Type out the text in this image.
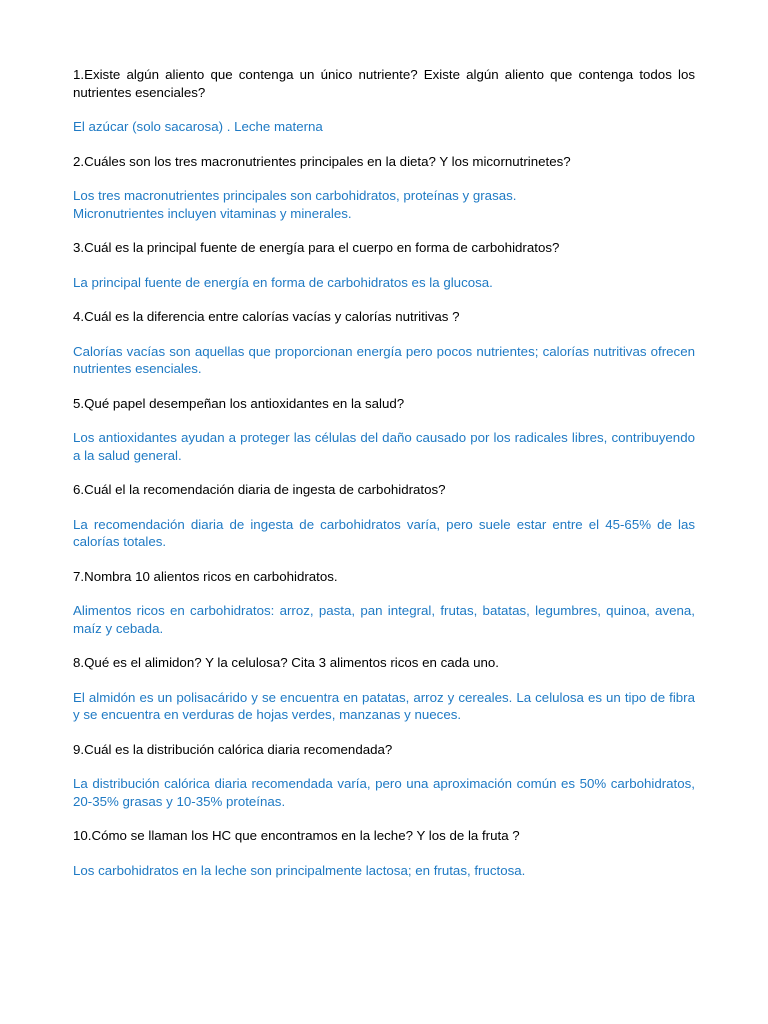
1.Existe algún aliento que contenga un único nutriente? Existe algún aliento que contenga todos los nutrientes esenciales?

El azúcar (solo sacarosa) . Leche materna

2.Cuáles son los tres macronutrientes principales en la dieta? Y los micornutrinetes?

Los tres macronutrientes principales son carbohidratos, proteínas y grasas.
Micronutrientes incluyen vitaminas y minerales.

3.Cuál es la principal fuente de energía para el cuerpo en forma de carbohidratos?

La principal fuente de energía en forma de carbohidratos es la glucosa.

4.Cuál es la diferencia entre calorías vacías y calorías nutritivas ?

Calorías vacías son aquellas que proporcionan energía pero pocos nutrientes; calorías nutritivas ofrecen nutrientes esenciales.

5.Qué papel desempeñan los antioxidantes en la salud?

Los antioxidantes ayudan a proteger las células del daño causado por los radicales libres, contribuyendo a la salud general.

6.Cuál el la recomendación diaria de ingesta de carbohidratos?

La recomendación diaria de ingesta de carbohidratos varía, pero suele estar entre el 45-65% de las calorías totales.

7.Nombra 10 alientos ricos en carbohidratos.

Alimentos ricos en carbohidratos: arroz, pasta, pan integral, frutas, batatas, legumbres, quinoa, avena, maíz y cebada.

8.Qué es el alimidon? Y la celulosa? Cita 3 alimentos ricos en cada uno.

El almidón es un polisacárido y se encuentra en patatas, arroz y cereales. La celulosa es un tipo de fibra y se encuentra en verduras de hojas verdes, manzanas y nueces.

9.Cuál es la distribución calórica diaria recomendada?

La distribución calórica diaria recomendada varía, pero una aproximación común es 50% carbohidratos, 20-35% grasas y 10-35% proteínas.

10.Cómo se llaman los HC que encontramos en la leche? Y los de la fruta ?

Los carbohidratos en la leche son principalmente lactosa; en frutas, fructosa.
